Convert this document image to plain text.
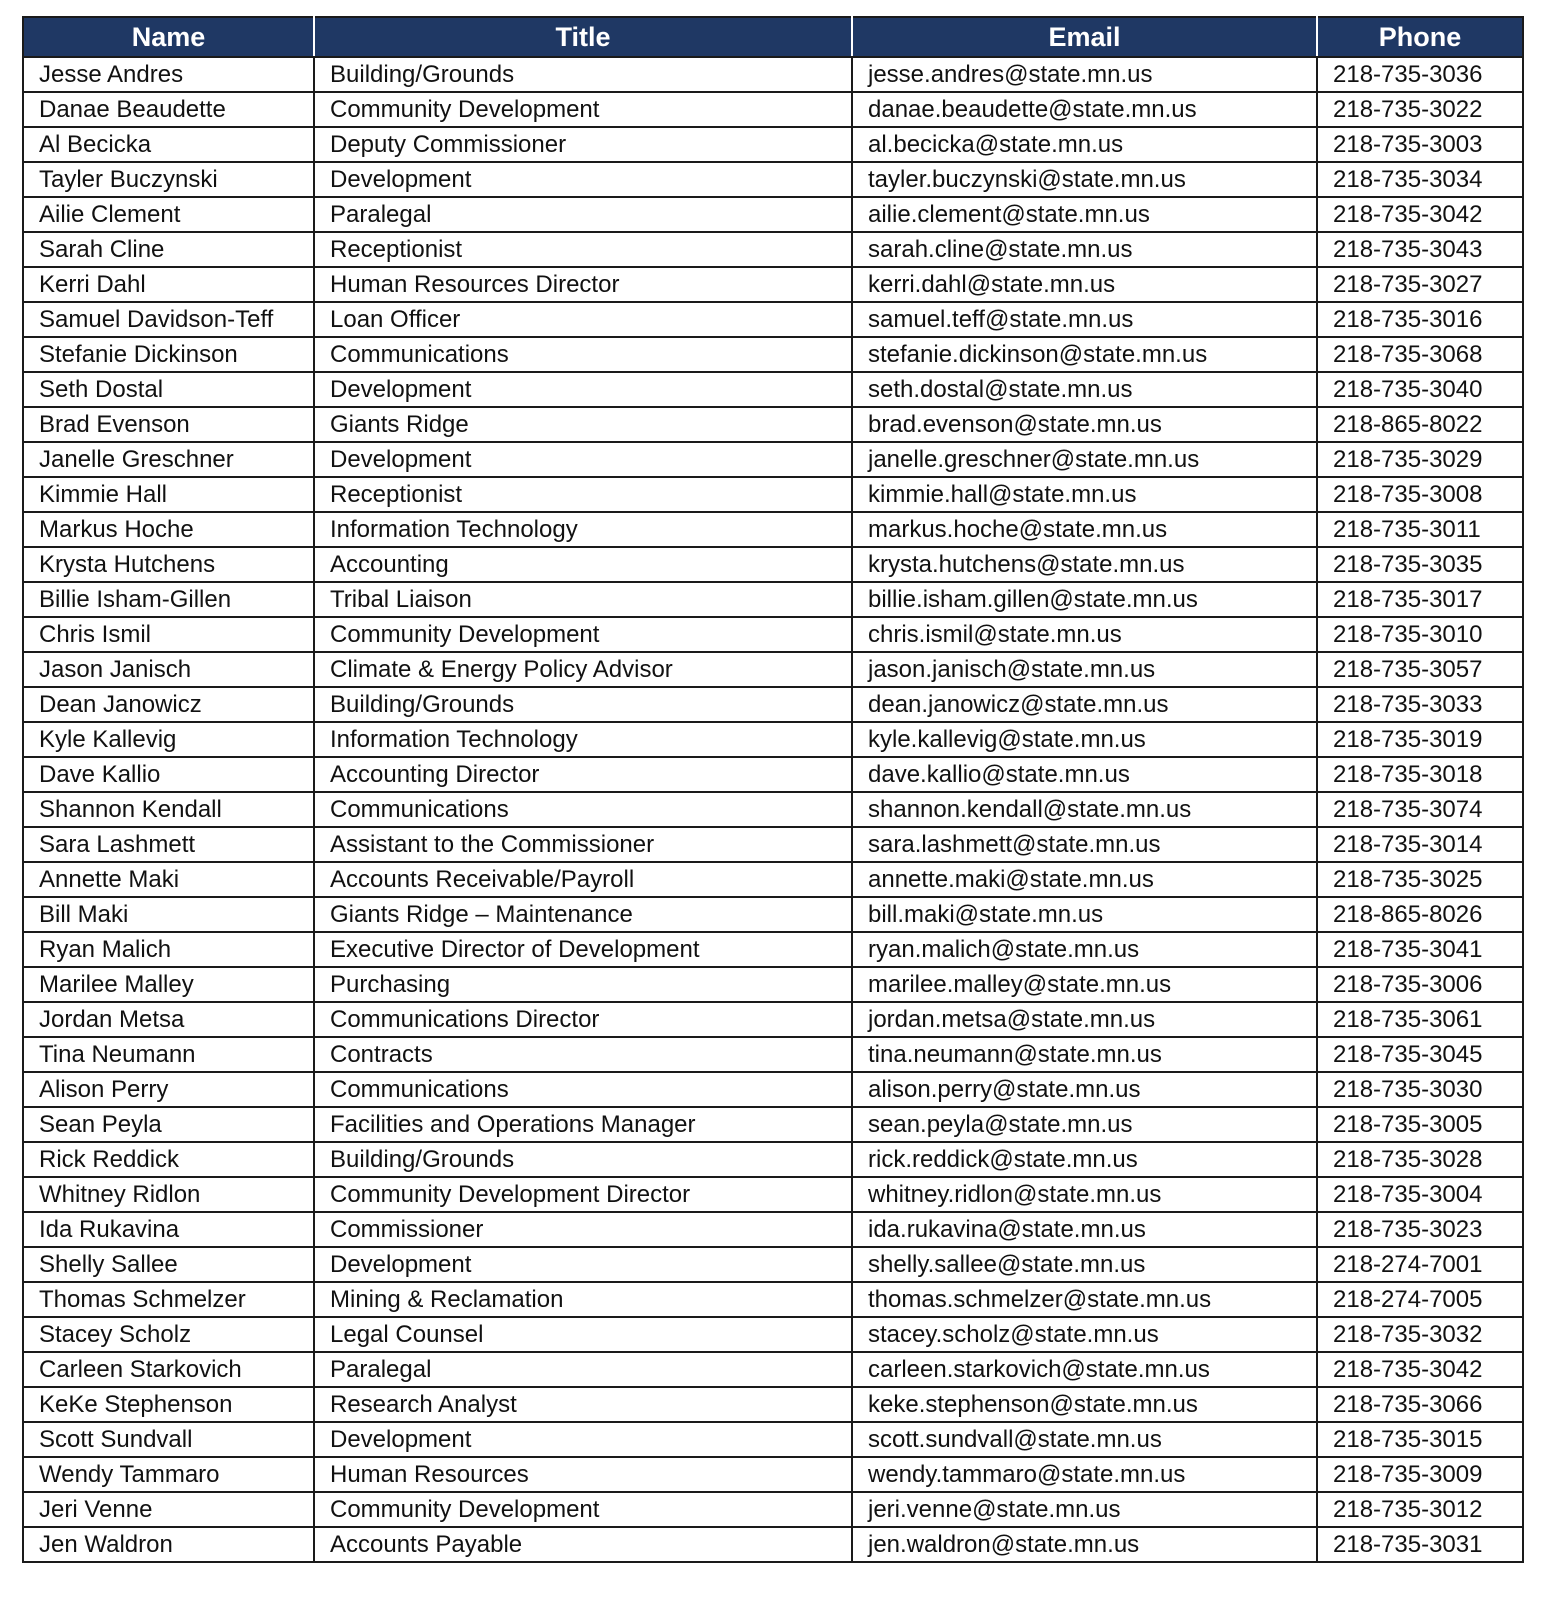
Name	Title	Email	Phone
Jesse Andres	Building/Grounds	jesse.andres@state.mn.us	218-735-3036
Danae Beaudette	Community Development	danae.beaudette@state.mn.us	218-735-3022
Al Becicka	Deputy Commissioner	al.becicka@state.mn.us	218-735-3003
Tayler Buczynski	Development	tayler.buczynski@state.mn.us	218-735-3034
Ailie Clement	Paralegal	ailie.clement@state.mn.us	218-735-3042
Sarah Cline	Receptionist	sarah.cline@state.mn.us	218-735-3043
Kerri Dahl	Human Resources Director	kerri.dahl@state.mn.us	218-735-3027
Samuel Davidson-Teff	Loan Officer	samuel.teff@state.mn.us	218-735-3016
Stefanie Dickinson	Communications	stefanie.dickinson@state.mn.us	218-735-3068
Seth Dostal	Development	seth.dostal@state.mn.us	218-735-3040
Brad Evenson	Giants Ridge	brad.evenson@state.mn.us	218-865-8022
Janelle Greschner	Development	janelle.greschner@state.mn.us	218-735-3029
Kimmie Hall	Receptionist	kimmie.hall@state.mn.us	218-735-3008
Markus Hoche	Information Technology	markus.hoche@state.mn.us	218-735-3011
Krysta Hutchens	Accounting	krysta.hutchens@state.mn.us	218-735-3035
Billie Isham-Gillen	Tribal Liaison	billie.isham.gillen@state.mn.us	218-735-3017
Chris Ismil	Community Development	chris.ismil@state.mn.us	218-735-3010
Jason Janisch	Climate & Energy Policy Advisor	jason.janisch@state.mn.us	218-735-3057
Dean Janowicz	Building/Grounds	dean.janowicz@state.mn.us	218-735-3033
Kyle Kallevig	Information Technology	kyle.kallevig@state.mn.us	218-735-3019
Dave Kallio	Accounting Director	dave.kallio@state.mn.us	218-735-3018
Shannon Kendall	Communications	shannon.kendall@state.mn.us	218-735-3074
Sara Lashmett	Assistant to the Commissioner	sara.lashmett@state.mn.us	218-735-3014
Annette Maki	Accounts Receivable/Payroll	annette.maki@state.mn.us	218-735-3025
Bill Maki	Giants Ridge – Maintenance	bill.maki@state.mn.us	218-865-8026
Ryan Malich	Executive Director of Development	ryan.malich@state.mn.us	218-735-3041
Marilee Malley	Purchasing	marilee.malley@state.mn.us	218-735-3006
Jordan Metsa	Communications Director	jordan.metsa@state.mn.us	218-735-3061
Tina Neumann	Contracts	tina.neumann@state.mn.us	218-735-3045
Alison Perry	Communications	alison.perry@state.mn.us	218-735-3030
Sean Peyla	Facilities and Operations Manager	sean.peyla@state.mn.us	218-735-3005
Rick Reddick	Building/Grounds	rick.reddick@state.mn.us	218-735-3028
Whitney Ridlon	Community Development Director	whitney.ridlon@state.mn.us	218-735-3004
Ida Rukavina	Commissioner	ida.rukavina@state.mn.us	218-735-3023
Shelly Sallee	Development	shelly.sallee@state.mn.us	218-274-7001
Thomas Schmelzer	Mining & Reclamation	thomas.schmelzer@state.mn.us	218-274-7005
Stacey Scholz	Legal Counsel	stacey.scholz@state.mn.us	218-735-3032
Carleen Starkovich	Paralegal	carleen.starkovich@state.mn.us	218-735-3042
KeKe Stephenson	Research Analyst	keke.stephenson@state.mn.us	218-735-3066
Scott Sundvall	Development	scott.sundvall@state.mn.us	218-735-3015
Wendy Tammaro	Human Resources	wendy.tammaro@state.mn.us	218-735-3009
Jeri Venne	Community Development	jeri.venne@state.mn.us	218-735-3012
Jen Waldron	Accounts Payable	jen.waldron@state.mn.us	218-735-3031
